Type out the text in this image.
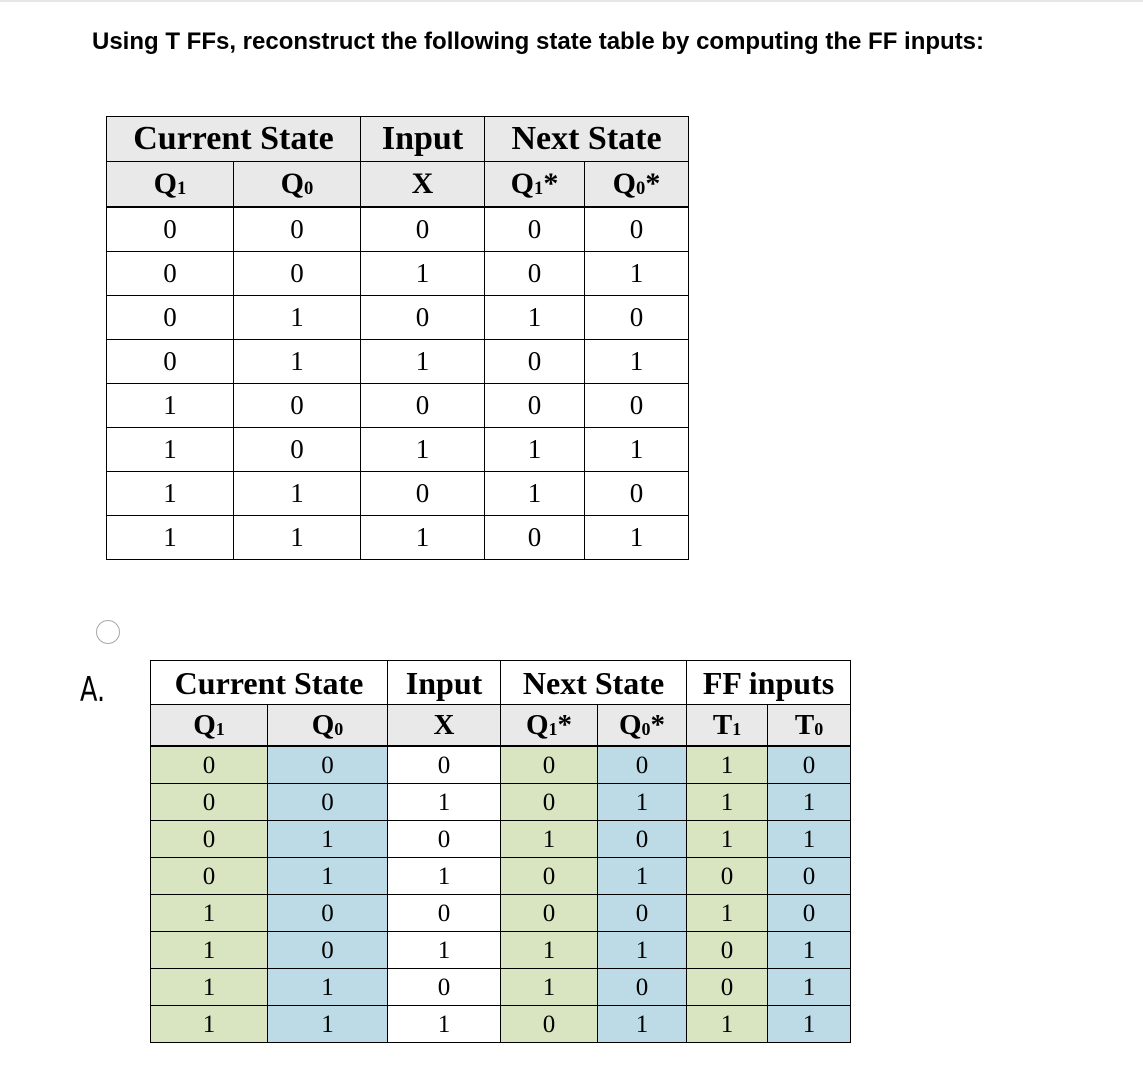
Using T FFs, reconstruct the following state table by computing the FF inputs:
Current State		Input	Next State	
Q1	Q0	X	Q1*	Q0*
0	0	0	0	0
0	0	1	0	1
0	1	0	1	0
0	1	1	0	1
1	0	0	0	0
1	0	1	1	1
1	1	0	1	0
1	1	1	0	1
A. Current State		Input	Next State		FF inputs	
Q1	Q0	X	Q1*	Q0*	T1	T0
0	0	0	0	0	1	0
0	0	1	0	1	1	1
0	1	0	1	0	1	1
0	1	1	0	1	0	0
1	0	0	0	0	1	0
1	0	1	1	1	0	1
1	1	0	1	0	0	1
1	1	1	0	1	1	1
